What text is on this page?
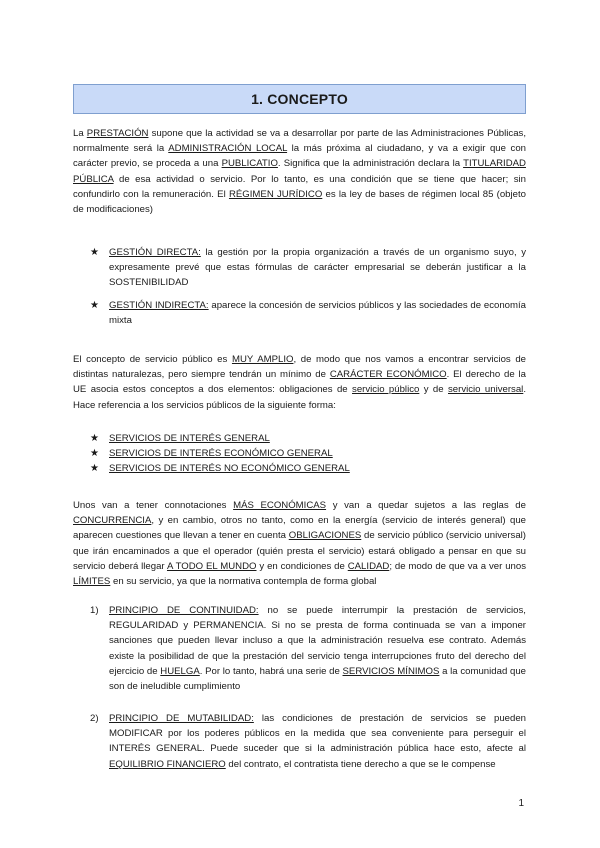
1. CONCEPTO

La PRESTACIÓN supone que la actividad se va a desarrollar por parte de las Administraciones Públicas, normalmente será la ADMINISTRACIÓN LOCAL la más próxima al ciudadano, y va a exigir que con carácter previo, se proceda a una PUBLICATIO. Significa que la administración declara la TITULARIDAD PÚBLICA de esa actividad o servicio. Por lo tanto, es una condición que se tiene que hacer; sin confundirlo con la remuneración. El RÉGIMEN JURÍDICO es la ley de bases de régimen local 85 (objeto de modificaciones)

★ GESTIÓN DIRECTA: la gestión por la propia organización a través de un organismo suyo, y expresamente prevé que estas fórmulas de carácter empresarial se deberán justificar a la SOSTENIBILIDAD
★ GESTIÓN INDIRECTA: aparece la concesión de servicios públicos y las sociedades de economía mixta

El concepto de servicio público es MUY AMPLIO, de modo que nos vamos a encontrar servicios de distintas naturalezas, pero siempre tendrán un mínimo de CARÁCTER ECONÓMICO. El derecho de la UE asocia estos conceptos a dos elementos: obligaciones de servicio público y de servicio universal. Hace referencia a los servicios públicos de la siguiente forma:

★ SERVICIOS DE INTERÉS GENERAL
★ SERVICIOS DE INTERÉS ECONÓMICO GENERAL
★ SERVICIOS DE INTERÉS NO ECONÓMICO GENERAL

Unos van a tener connotaciones MÁS ECONÓMICAS y van a quedar sujetos a las reglas de CONCURRENCIA, y en cambio, otros no tanto, como en la energía (servicio de interés general) que aparecen cuestiones que llevan a tener en cuenta OBLIGACIONES de servicio público (servicio universal) que irán encaminados a que el operador (quién presta el servicio) estará obligado a pensar en que su servicio deberá llegar A TODO EL MUNDO y en condiciones de CALIDAD; de modo de que va a ver unos LÍMITES en su servicio, ya que la normativa contempla de forma global

1) PRINCIPIO DE CONTINUIDAD: no se puede interrumpir la prestación de servicios, REGULARIDAD y PERMANENCIA. Si no se presta de forma continuada se van a imponer sanciones que pueden llevar incluso a que la administración resuelva ese contrato. Además existe la posibilidad de que la prestación del servicio tenga interrupciones fruto del derecho del ejercicio de HUELGA. Por lo tanto, habrá una serie de SERVICIOS MÍNIMOS a la comunidad que son de ineludible cumplimiento
2) PRINCIPIO DE MUTABILIDAD: las condiciones de prestación de servicios se pueden MODIFICAR por los poderes públicos en la medida que sea conveniente para perseguir el INTERÉS GENERAL. Puede suceder que si la administración pública hace esto, afecte al EQUILIBRIO FINANCIERO del contrato, el contratista tiene derecho a que se le compense
1
